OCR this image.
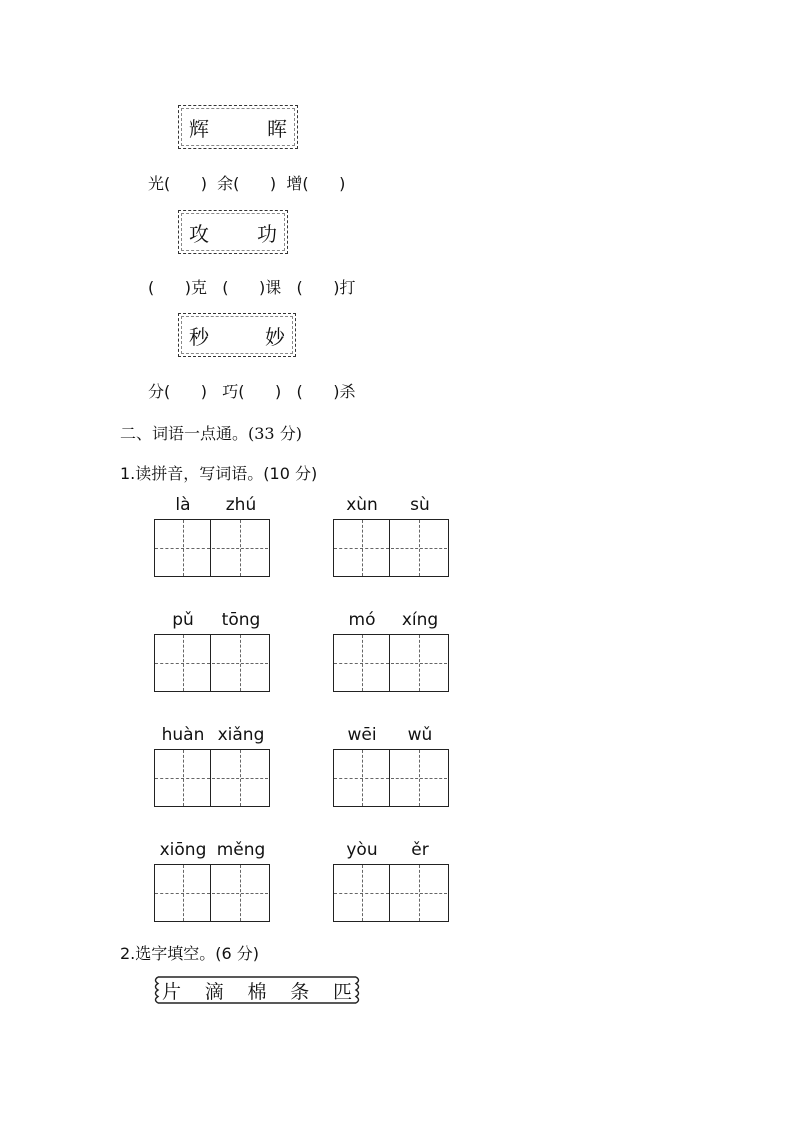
辉	晖
光(      )  余(      )  增(      )
攻 功
(      )克   (      )课   (      )打
秒	妙
分(      )   巧(      )   (      )杀
二、词语一点通。(33 分)
1.读拼音，写词语。(10 分)
là	zhú	xùn	sù
pǔ	tōng	mó	xíng
huàn xiǎng	wēi	wǔ
xiōng měng	yòu	ěr
2.选字填空。(6 分)
片 滴 棉 条 匹
